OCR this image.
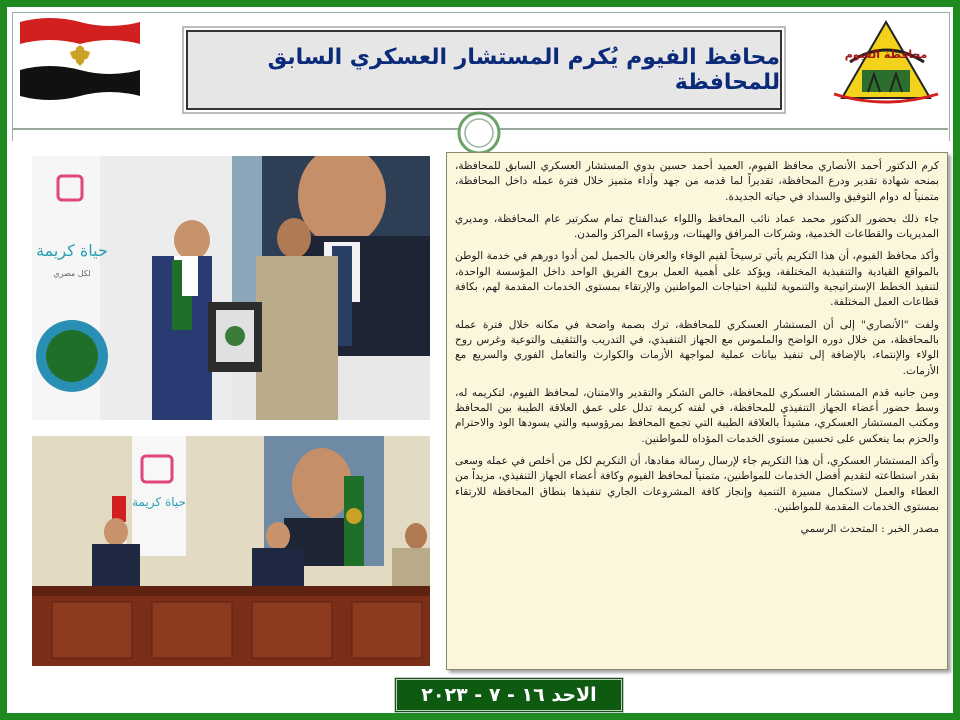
محافظة الفيوم
محافظ الفيوم يُكرم المستشار العسكري السابق للمحافظة
حياة كريمة
لكل مصري
حياة كريمة

كرم الدكتور أحمد الأنصاري محافظ الفيوم، العميد أحمد حسين بدوي المستشار العسكري السابق للمحافظة، بمنحه شهادة تقدير ودرع المحافظة، تقديراً لما قدمه من جهد وأداء متميز خلال فترة عمله داخل المحافظة، متمنياً له دوام التوفيق والسداد في حياته الجديدة.

جاء ذلك بحضور الدكتور محمد عماد نائب المحافظ واللواء عبدالفتاح تمام سكرتير عام المحافظة، ومديري المديريات والقطاعات الخدمية، وشركات المرافق والهيئات، ورؤساء المراكز والمدن.

وأكد محافظ الفيوم، أن هذا التكريم يأتي ترسيخاً لقيم الوفاء والعرفان بالجميل لمن أدوا دورهم في خدمة الوطن بالمواقع القيادية والتنفيذية المختلفة، ويؤكد على أهمية العمل بروح الفريق الواحد داخل المؤسسة الواحدة، لتنفيذ الخطط الإستراتيجية والتنموية لتلبية احتياجات المواطنين والإرتقاء بمستوى الخدمات المقدمة لهم، بكافة قطاعات العمل المختلفة.

ولفت "الأنصاري" إلى أن المستشار العسكري للمحافظة، ترك بصمة واضحة في مكانه خلال فترة عمله بالمحافظة، من خلال دوره الواضح والملموس مع الجهاز التنفيذي، في التدريب والتثقيف والتوعية وغرس روح الولاء والإنتماء، بالإضافة إلى تنفيذ بيانات عملية لمواجهة الأزمات والكوارث والتعامل الفوري والسريع مع الأزمات.

ومن جانبه قدم المستشار العسكري للمحافظة، خالص الشكر والتقدير والامتنان، لمحافظ الفيوم، لتكريمه له، وسط حضور أعضاء الجهاز التنفيذي للمحافظة، في لفته كريمة تدلل على عمق العلاقة الطيبة بين المحافظ ومكتب المستشار العسكري، مشيداً بالعلاقة الطيبة التي تجمع المحافظ بمرؤوسيه والتي يسودها الود والاحترام والحزم بما ينعكس على تحسين مستوى الخدمات المؤداه للمواطنين.

وأكد المستشار العسكري، أن هذا التكريم جاء لإرسال رسالة مفادها، أن التكريم لكل من أخلص في عمله وسعى بقدر استطاعته لتقديم أفضل الخدمات للمواطنين، متمنياً لمحافظ الفيوم وكافة أعضاء الجهاز التنفيذي، مزيداً من العطاء والعمل لاستكمال مسيرة التنمية وإنجاز كافة المشروعات الجاري تنفيذها بنطاق المحافظة للارتقاء بمستوى الخدمات المقدمة للمواطنين.

مصدر الخبر : المتحدث الرسمي

الاحد ١٦ - ٧ - ٢٠٢٣
